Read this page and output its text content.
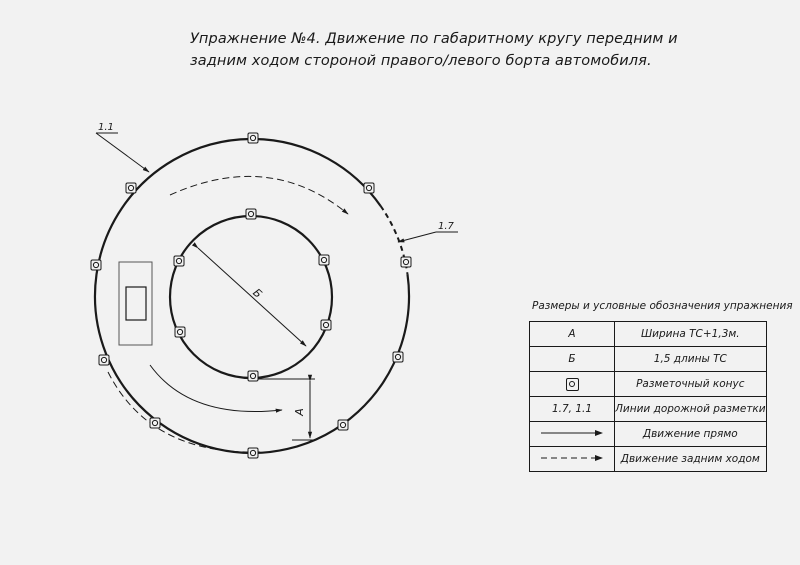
Упражнение №4. Движение по габаритному кругу передним и
задним ходом стороной правого/левого борта автомобиля.
1.1
1.7
Б
А
Размеры и условные обозначения упражнения
А	Ширина ТС+1,3м.
Б	1,5 длины ТС
	Разметочный конус
1.7, 1.1	Линии дорожной разметки
	Движение прямо
	Движение задним ходом
